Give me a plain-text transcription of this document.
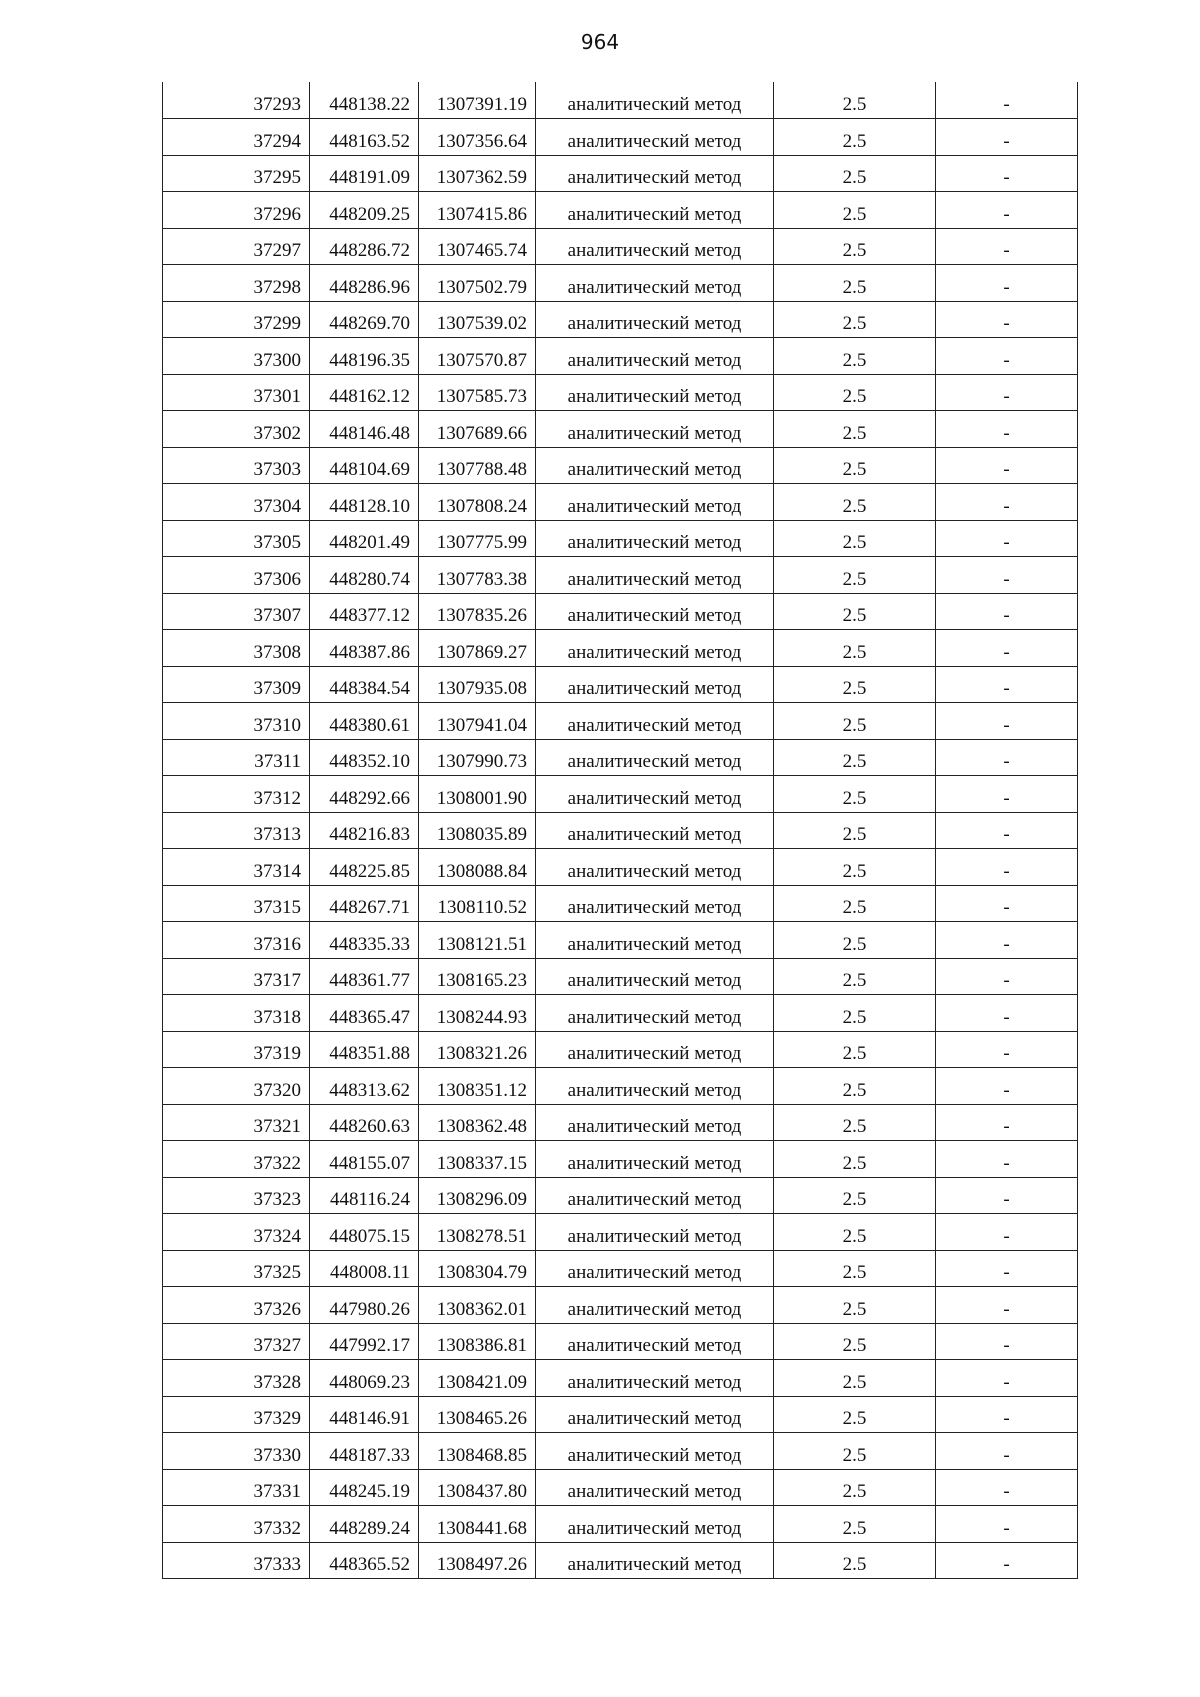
964
37293	448138.22	1307391.19	аналитический метод	2.5	-
37294	448163.52	1307356.64	аналитический метод	2.5	-
37295	448191.09	1307362.59	аналитический метод	2.5	-
37296	448209.25	1307415.86	аналитический метод	2.5	-
37297	448286.72	1307465.74	аналитический метод	2.5	-
37298	448286.96	1307502.79	аналитический метод	2.5	-
37299	448269.70	1307539.02	аналитический метод	2.5	-
37300	448196.35	1307570.87	аналитический метод	2.5	-
37301	448162.12	1307585.73	аналитический метод	2.5	-
37302	448146.48	1307689.66	аналитический метод	2.5	-
37303	448104.69	1307788.48	аналитический метод	2.5	-
37304	448128.10	1307808.24	аналитический метод	2.5	-
37305	448201.49	1307775.99	аналитический метод	2.5	-
37306	448280.74	1307783.38	аналитический метод	2.5	-
37307	448377.12	1307835.26	аналитический метод	2.5	-
37308	448387.86	1307869.27	аналитический метод	2.5	-
37309	448384.54	1307935.08	аналитический метод	2.5	-
37310	448380.61	1307941.04	аналитический метод	2.5	-
37311	448352.10	1307990.73	аналитический метод	2.5	-
37312	448292.66	1308001.90	аналитический метод	2.5	-
37313	448216.83	1308035.89	аналитический метод	2.5	-
37314	448225.85	1308088.84	аналитический метод	2.5	-
37315	448267.71	1308110.52	аналитический метод	2.5	-
37316	448335.33	1308121.51	аналитический метод	2.5	-
37317	448361.77	1308165.23	аналитический метод	2.5	-
37318	448365.47	1308244.93	аналитический метод	2.5	-
37319	448351.88	1308321.26	аналитический метод	2.5	-
37320	448313.62	1308351.12	аналитический метод	2.5	-
37321	448260.63	1308362.48	аналитический метод	2.5	-
37322	448155.07	1308337.15	аналитический метод	2.5	-
37323	448116.24	1308296.09	аналитический метод	2.5	-
37324	448075.15	1308278.51	аналитический метод	2.5	-
37325	448008.11	1308304.79	аналитический метод	2.5	-
37326	447980.26	1308362.01	аналитический метод	2.5	-
37327	447992.17	1308386.81	аналитический метод	2.5	-
37328	448069.23	1308421.09	аналитический метод	2.5	-
37329	448146.91	1308465.26	аналитический метод	2.5	-
37330	448187.33	1308468.85	аналитический метод	2.5	-
37331	448245.19	1308437.80	аналитический метод	2.5	-
37332	448289.24	1308441.68	аналитический метод	2.5	-
37333	448365.52	1308497.26	аналитический метод	2.5	-
